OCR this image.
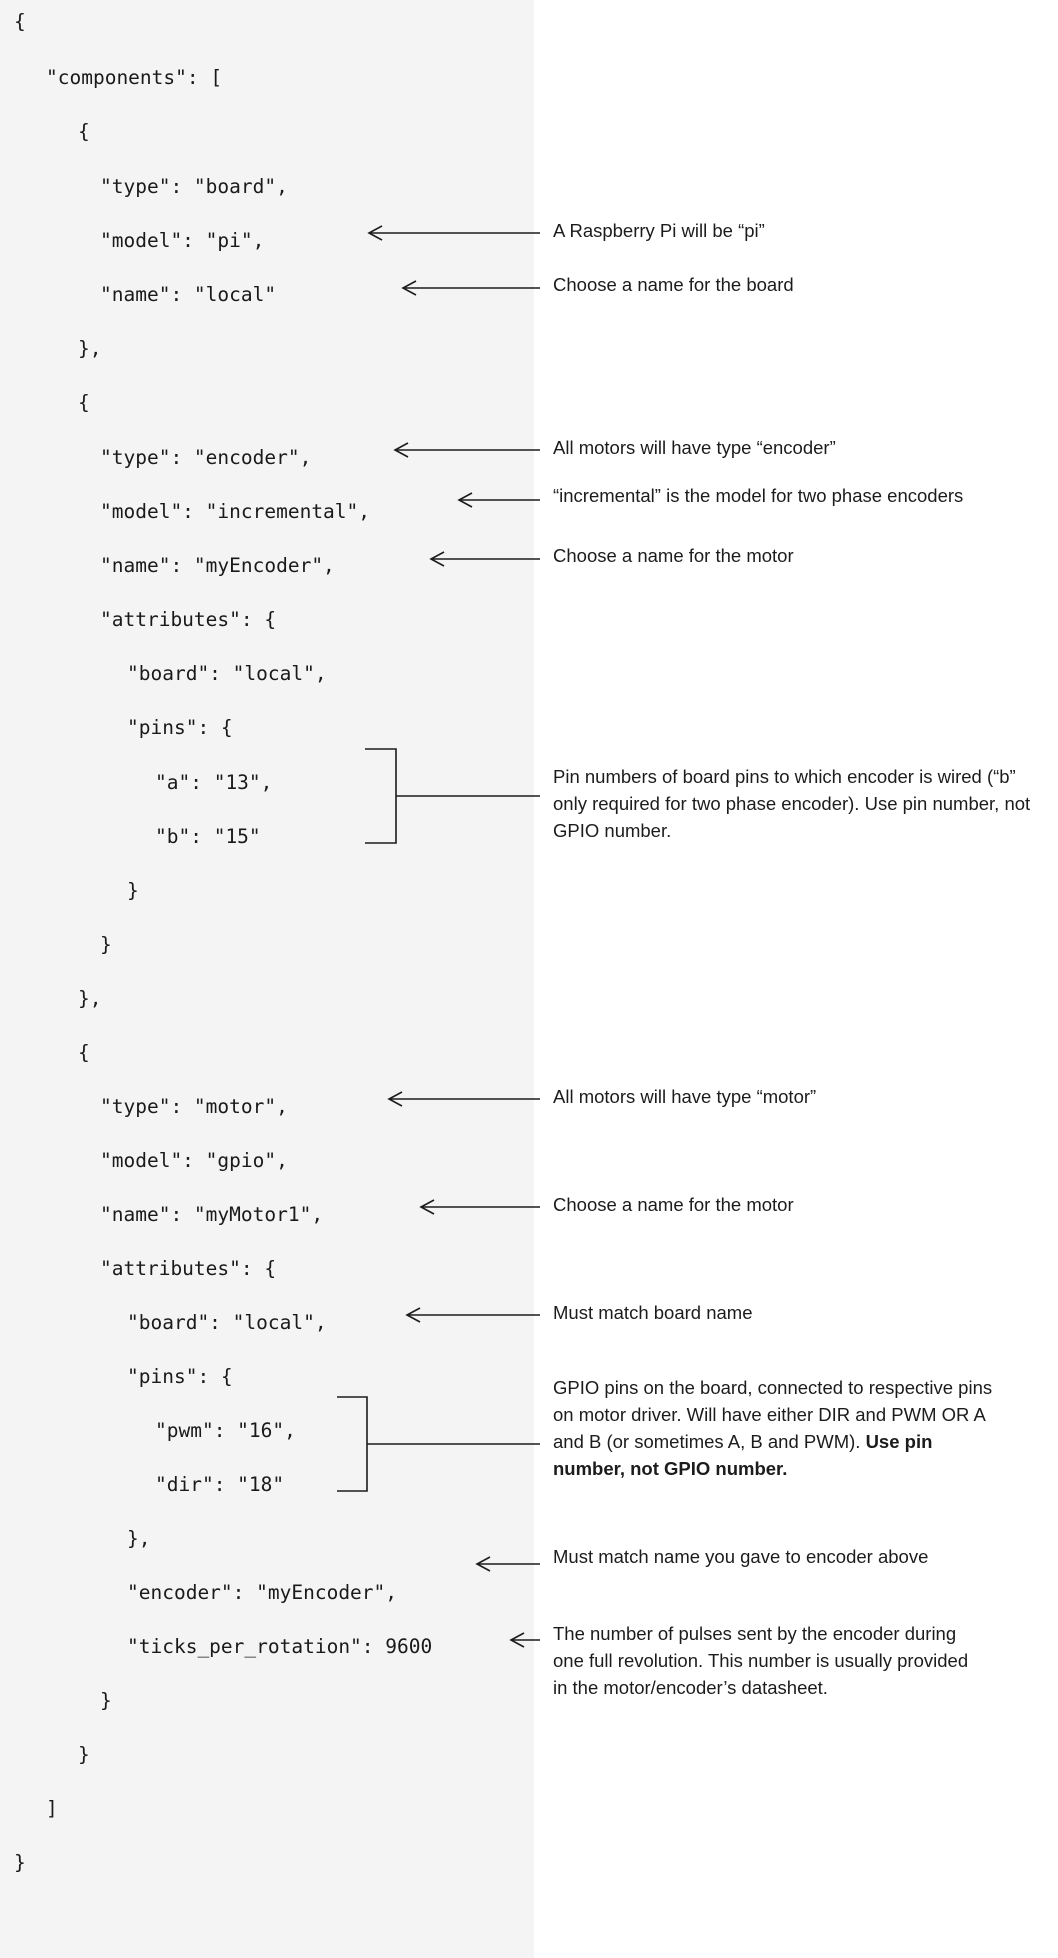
{
"components": [
{
"type": "board",
"model": "pi",
"name": "local"
},
{
"type": "encoder",
"model": "incremental",
"name": "myEncoder",
"attributes": {
"board": "local",
"pins": {
"a": "13",
"b": "15"
}
}
},
{
"type": "motor",
"model": "gpio",
"name": "myMotor1",
"attributes": {
"board": "local",
"pins": {
"pwm": "16",
"dir": "18"
},
"encoder": "myEncoder",
"ticks_per_rotation": 9600
}
}
]
}
A Raspberry Pi will be “pi”
Choose a name for the board
All motors will have type “encoder”
“incremental” is the model for two phase encoders
Choose a name for the motor
Pin numbers of board pins to which encoder is wired (“b” only required for two phase encoder). Use pin number, not GPIO number.
All motors will have type “motor”
Choose a name for the motor
Must match board name
GPIO pins on the board, connected to respective pins on motor driver. Will have either DIR and PWM OR A and B (or sometimes A, B and PWM). Use pin number, not GPIO number.
Must match name you gave to encoder above
The number of pulses sent by the encoder during one full revolution. This number is usually provided in the motor/encoder’s datasheet.
